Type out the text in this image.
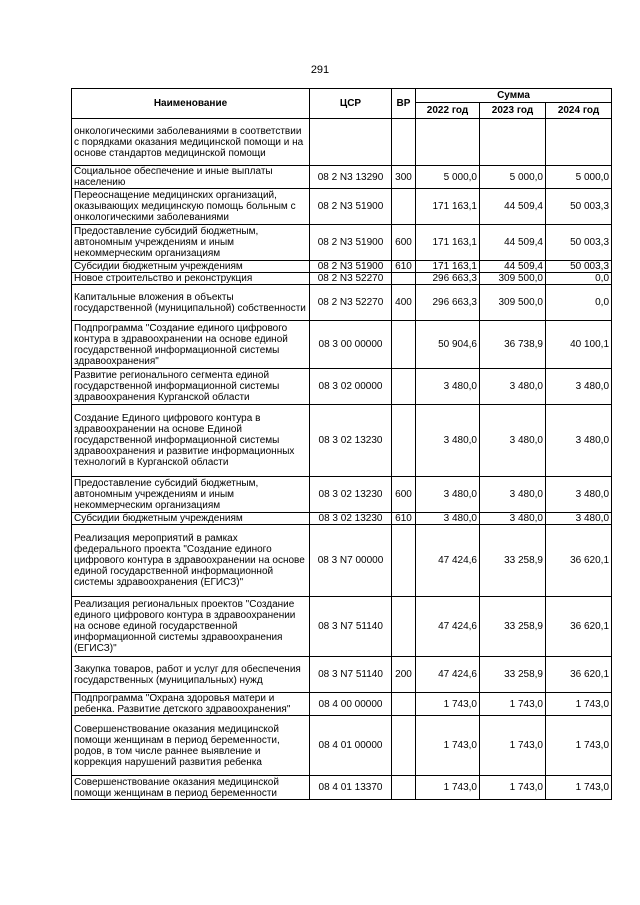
291
Наименование	ЦСР	ВР	Сумма		
			2022 год	2023 год	2024 год
онкологическими заболеваниями в соответствии с порядками оказания медицинской помощи и на основе стандартов медицинской помощи					
Социальное обеспечение и иные выплаты населению	08 2 N3 13290	300	5 000,0	5 000,0	5 000,0
Переоснащение медицинских организаций, оказывающих медицинскую помощь больным с онкологическими заболеваниями	08 2 N3 51900		171 163,1	44 509,4	50 003,3
Предоставление субсидий бюджетным, автономным учреждениям и иным некоммерческим организациям	08 2 N3 51900	600	171 163,1	44 509,4	50 003,3
Субсидии бюджетным учреждениям	08 2 N3 51900	610	171 163,1	44 509,4	50 003,3
Новое строительство и реконструкция	08 2 N3 52270		296 663,3	309 500,0	0,0
Капитальные вложения в объекты государственной (муниципальной) собственности	08 2 N3 52270	400	296 663,3	309 500,0	0,0
Подпрограмма "Создание единого цифрового контура в здравоохранении на основе единой государственной информационной системы здравоохранения"	08 3 00 00000		50 904,6	36 738,9	40 100,1
Развитие регионального сегмента единой государственной информационной системы здравоохранения Курганской области	08 3 02 00000		3 480,0	3 480,0	3 480,0
Создание Единого цифрового контура в здравоохранении на основе Единой государственной информационной системы здравоохранения и развитие информационных технологий в Курганской области	08 3 02 13230		3 480,0	3 480,0	3 480,0
Предоставление субсидий бюджетным, автономным учреждениям и иным некоммерческим организациям	08 3 02 13230	600	3 480,0	3 480,0	3 480,0
Субсидии бюджетным учреждениям	08 3 02 13230	610	3 480,0	3 480,0	3 480,0
Реализация мероприятий в рамках федерального проекта "Создание единого цифрового контура в здравоохранении на основе единой государственной информационной системы здравоохранения (ЕГИСЗ)"	08 3 N7 00000		47 424,6	33 258,9	36 620,1
Реализация региональных проектов "Создание единого цифрового контура в здравоохранении на основе единой государственной информационной системы здравоохранения (ЕГИСЗ)"	08 3 N7 51140		47 424,6	33 258,9	36 620,1
Закупка товаров, работ и услуг для обеспечения государственных (муниципальных) нужд	08 3 N7 51140	200	47 424,6	33 258,9	36 620,1
Подпрограмма "Охрана здоровья матери и ребенка. Развитие детского здравоохранения"	08 4 00 00000		1 743,0	1 743,0	1 743,0
Совершенствование оказания медицинской помощи женщинам в период беременности, родов, в том числе раннее выявление и коррекция нарушений развития ребенка	08 4 01 00000		1 743,0	1 743,0	1 743,0
Совершенствование оказания медицинской помощи женщинам в период беременности	08 4 01 13370		1 743,0	1 743,0	1 743,0
